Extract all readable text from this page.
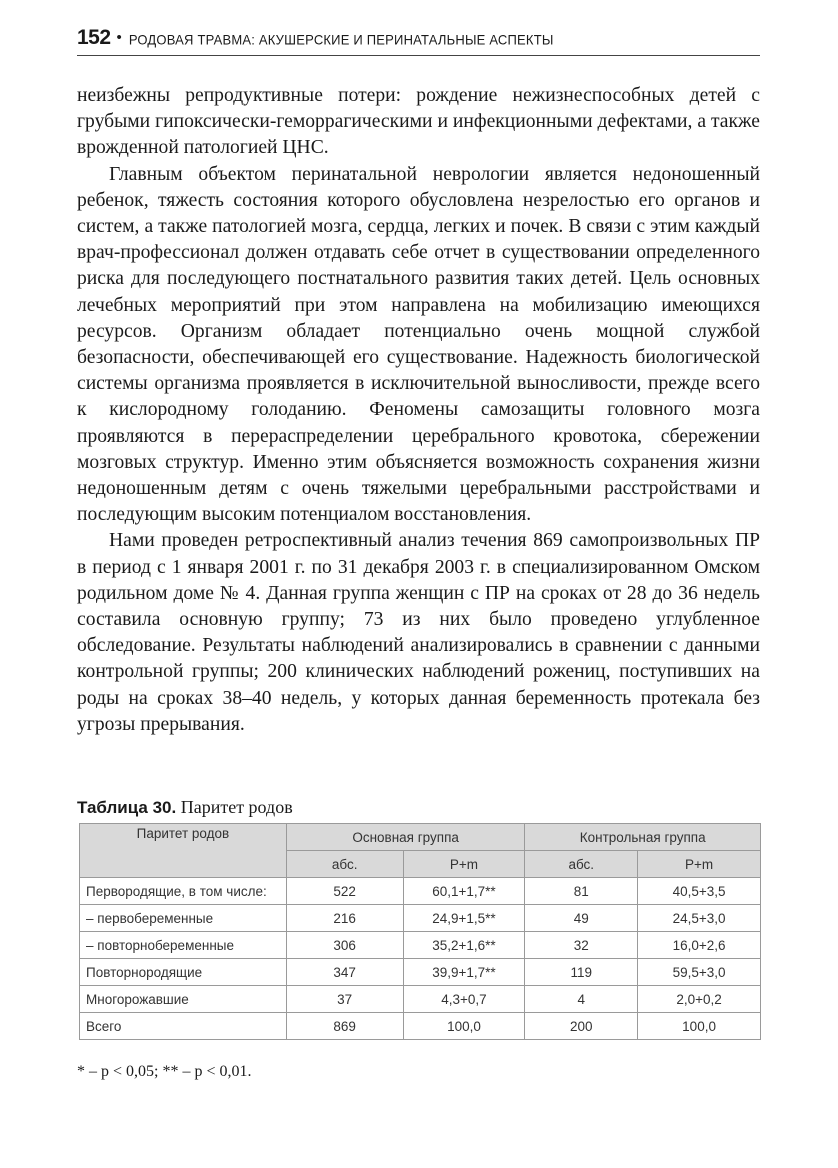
152 • РОДОВАЯ ТРАВМА: АКУШЕРСКИЕ И ПЕРИНАТАЛЬНЫЕ АСПЕКТЫ

неизбежны репродуктивные потери: рождение нежизнеспособных детей с грубыми гипоксически-геморрагическими и инфекционными дефектами, а также врожденной патологией ЦНС.

Главным объектом перинатальной неврологии является недоношенный ребенок, тяжесть состояния которого обусловлена незрелостью его органов и систем, а также патологией мозга, сердца, легких и почек. В связи с этим каждый врач-профессионал должен отдавать себе отчет в существовании определенного риска для последующего постнатального развития таких детей. Цель основных лечебных мероприятий при этом направлена на мобилизацию имеющихся ресурсов. Организм обладает потенциально очень мощной службой безопасности, обеспечивающей его существование. Надежность биологической системы организма проявляется в исключительной выносливости, прежде всего к кислородному голоданию. Феномены самозащиты головного мозга проявляются в перераспределении церебрального кровотока, сбережении мозговых структур. Именно этим объясняется возможность сохранения жизни недоношенным детям с очень тяжелыми церебральными расстройствами и последующим высоким потенциалом восстановления.

Нами проведен ретроспективный анализ течения 869 самопроизвольных ПР в период с 1 января 2001 г. по 31 декабря 2003 г. в специализированном Омском родильном доме № 4. Данная группа женщин с ПР на сроках от 28 до 36 недель составила основную группу; 73 из них было проведено углубленное обследование. Результаты наблюдений анализировались в сравнении с данными контрольной группы; 200 клинических наблюдений рожениц, поступивших на роды на сроках 38–40 недель, у которых данная беременность протекала без угрозы прерывания.

Таблица 30. Паритет родов
Паритет родов	Основная группа		Контрольная группа	
	абс.	P+m	абс.	P+m
Первородящие, в том числе:	522	60,1+1,7**	81	40,5+3,5
– первобеременные	216	24,9+1,5**	49	24,5+3,0
– повторнобеременные	306	35,2+1,6**	32	16,0+2,6
Повторнородящие	347	39,9+1,7**	119	59,5+3,0
Многорожавшие	37	4,3+0,7	4	2,0+0,2
Всего	869	100,0	200	100,0
* – p < 0,05; ** – p < 0,01.
